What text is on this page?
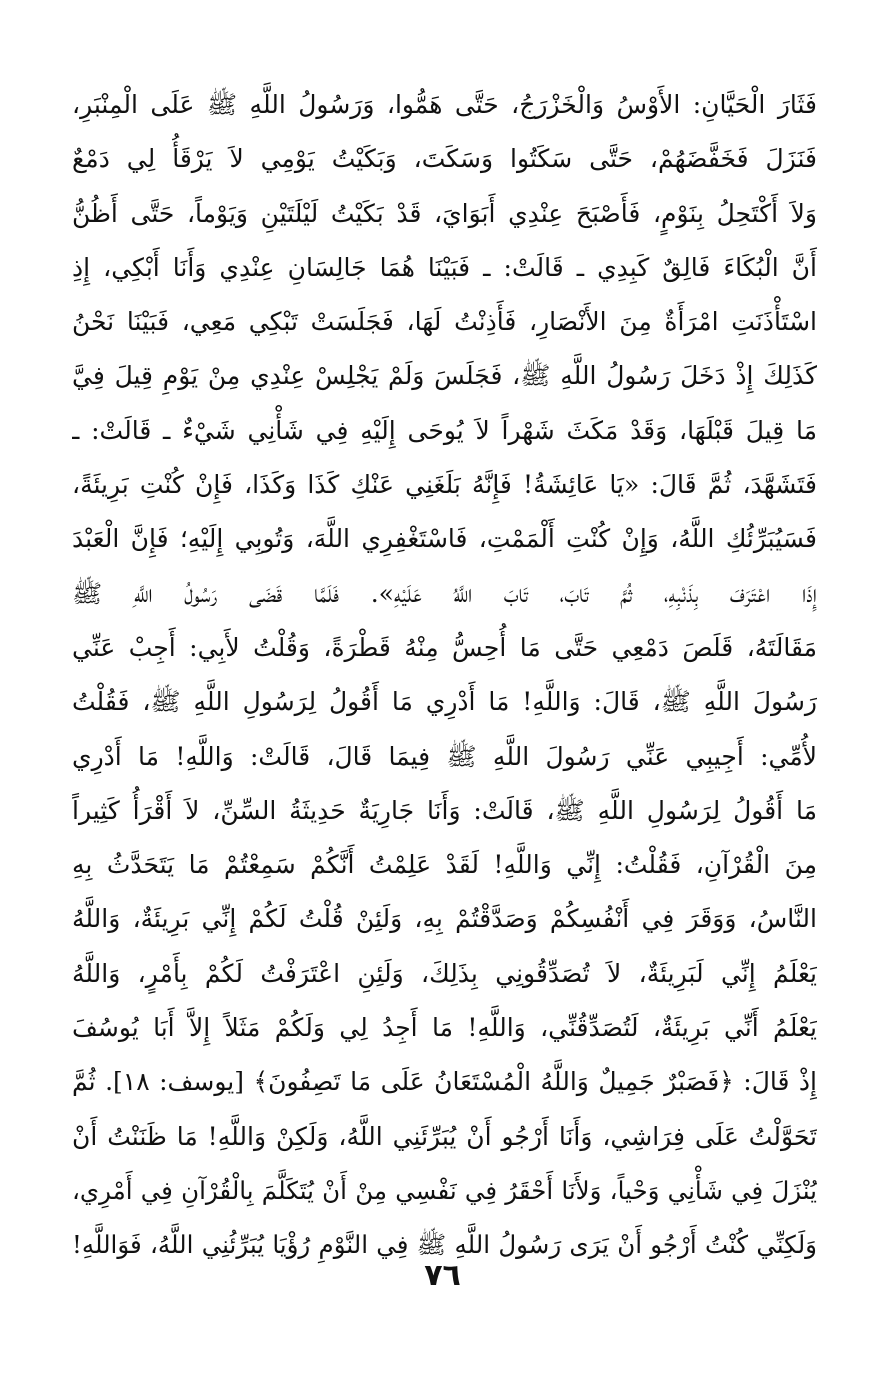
فَثَارَ الْحَيَّانِ: الأَوْسُ وَالْخَزْرَجُ، حَتَّى هَمُّوا، وَرَسُولُ اللَّهِ ﷺ عَلَى الْمِنْبَرِ،
فَنَزَلَ فَخَفَّضَهُمْ، حَتَّى سَكَتُوا وَسَكَتَ، وَبَكَيْتُ يَوْمِي لاَ يَرْقَأُ لِي دَمْعٌ
وَلاَ أَكْتَحِلُ بِنَوْمٍ، فَأَصْبَحَ عِنْدِي أَبَوَايَ، قَدْ بَكَيْتُ لَيْلَتَيْنِ وَيَوْماً، حَتَّى أَظُنُّ
أَنَّ الْبُكَاءَ فَالِقٌ كَبِدِي ـ قَالَتْ: ـ فَبَيْنَا هُمَا جَالِسَانِ عِنْدِي وَأَنَا أَبْكِي، إِذِ
اسْتَأْذَنَتِ امْرَأَةٌ مِنَ الأَنْصَارِ، فَأَذِنْتُ لَهَا، فَجَلَسَتْ تَبْكِي مَعِي، فَبَيْنَا نَحْنُ
كَذَلِكَ إِذْ دَخَلَ رَسُولُ اللَّهِ ﷺ، فَجَلَسَ وَلَمْ يَجْلِسْ عِنْدِي مِنْ يَوْمِ قِيلَ فِيَّ
مَا قِيلَ قَبْلَهَا، وَقَدْ مَكَثَ شَهْراً لاَ يُوحَى إِلَيْهِ فِي شَأْنِي شَيْءٌ ـ قَالَتْ: ـ
فَتَشَهَّدَ، ثُمَّ قَالَ: «يَا عَائِشَةُ! فَإِنَّهُ بَلَغَنِي عَنْكِ كَذَا وَكَذَا، فَإِنْ كُنْتِ بَرِيئَةً،
فَسَيُبَرِّئُكِ اللَّهُ، وَإِنْ كُنْتِ أَلْمَمْتِ، فَاسْتَغْفِرِي اللَّهَ، وَتُوبِي إِلَيْهِ؛ فَإِنَّ الْعَبْدَ
إِذَا اعْتَرَفَ بِذَنْبِهِ، ثُمَّ تَابَ، تَابَ اللَّهُ عَلَيْهِ». فَلَمَّا قَضَى رَسُولُ اللَّهِ ﷺ
مَقَالَتَهُ، قَلَصَ دَمْعِي حَتَّى مَا أُحِسُّ مِنْهُ قَطْرَةً، وَقُلْتُ لأَبِي: أَجِبْ عَنِّي
رَسُولَ اللَّهِ ﷺ، قَالَ: وَاللَّهِ! مَا أَدْرِي مَا أَقُولُ لِرَسُولِ اللَّهِ ﷺ، فَقُلْتُ
لأُمِّي: أَجِيبِي عَنِّي رَسُولَ اللَّهِ ﷺ فِيمَا قَالَ، قَالَتْ: وَاللَّهِ! مَا أَدْرِي
مَا أَقُولُ لِرَسُولِ اللَّهِ ﷺ، قَالَتْ: وَأَنَا جَارِيَةٌ حَدِيثَةُ السِّنِّ، لاَ أَقْرَأُ كَثِيراً
مِنَ الْقُرْآنِ، فَقُلْتُ: إِنِّي وَاللَّهِ! لَقَدْ عَلِمْتُ أَنَّكُمْ سَمِعْتُمْ مَا يَتَحَدَّثُ بِهِ
النَّاسُ، وَوَقَرَ فِي أَنْفُسِكُمْ وَصَدَّقْتُمْ بِهِ، وَلَئِنْ قُلْتُ لَكُمْ إِنِّي بَرِيئَةٌ، وَاللَّهُ
يَعْلَمُ إِنِّي لَبَرِيئَةٌ، لاَ تُصَدِّقُونِي بِذَلِكَ، وَلَئِنِ اعْتَرَفْتُ لَكُمْ بِأَمْرٍ، وَاللَّهُ
يَعْلَمُ أَنِّي بَرِيئَةٌ، لَتُصَدِّقُنِّي، وَاللَّهِ! مَا أَجِدُ لِي وَلَكُمْ مَثَلاً إِلاَّ أَبَا يُوسُفَ
إِذْ قَالَ: ﴿فَصَبْرٌ جَمِيلٌ وَاللَّهُ الْمُسْتَعَانُ عَلَى مَا تَصِفُونَ﴾ [يوسف: ١٨]. ثُمَّ
تَحَوَّلْتُ عَلَى فِرَاشِي، وَأَنَا أَرْجُو أَنْ يُبَرِّئَنِي اللَّهُ، وَلَكِنْ وَاللَّهِ! مَا ظَنَنْتُ أَنْ
يُنْزَلَ فِي شَأْنِي وَحْياً، وَلأَنَا أَحْقَرُ فِي نَفْسِي مِنْ أَنْ يُتَكَلَّمَ بِالْقُرْآنِ فِي أَمْرِي،
وَلَكِنِّي كُنْتُ أَرْجُو أَنْ يَرَى رَسُولُ اللَّهِ ﷺ فِي النَّوْمِ رُؤْيَا يُبَرِّئُنِي اللَّهُ، فَوَاللَّهِ!
٧٦
